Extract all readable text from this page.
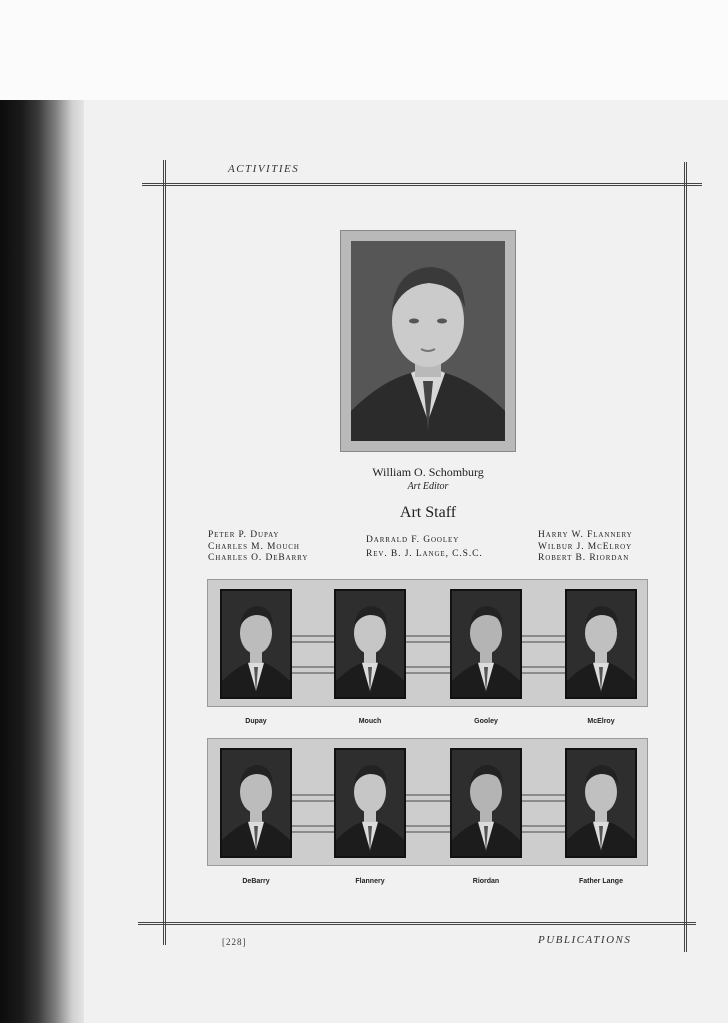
ACTIVITIES
[228]	PUBLICATIONS
William O. Schomburg
Art Editor
Art Staff
Peter P. Dupay
Charles M. Mouch
Charles O. DeBarry
Darrald F. Gooley
Rev. B. J. Lange, C.S.C.
Harry W. Flannery
Wilbur J. McElroy
Robert B. Riordan
Dupay	Mouch	Gooley	McElroy
DeBarry	Flannery	Riordan	Father Lange
